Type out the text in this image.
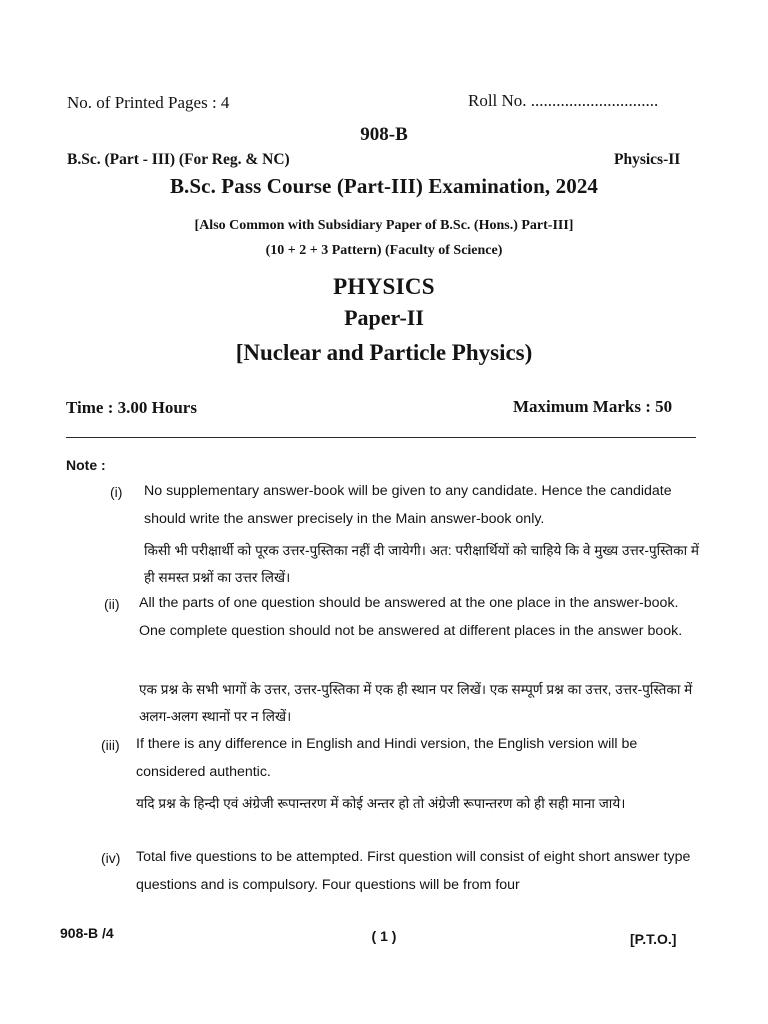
No. of Printed Pages : 4	Roll No. ..............................
908-B
B.Sc. (Part - III) (For Reg. & NC)	Physics-II
B.Sc. Pass Course (Part-III) Examination, 2024
[Also Common with Subsidiary Paper of B.Sc. (Hons.) Part-III]
(10 + 2 + 3 Pattern) (Faculty of Science)
PHYSICS
Paper-II
[Nuclear and Particle Physics)
Time : 3.00 Hours	Maximum Marks : 50
Note :
(i) No supplementary answer-book will be given to any candidate. Hence the candidate should write the answer precisely in the Main answer-book only.
किसी भी परीक्षार्थी को पूरक उत्तर-पुस्तिका नहीं दी जायेगी। अत: परीक्षार्थियों को चाहिये कि वे मुख्य उत्तर-पुस्तिका में ही समस्त प्रश्नों का उत्तर लिखें।
(ii) All the parts of one question should be answered at the one place in the answer-book. One complete question should not be answered at different places in the answer book.
एक प्रश्न के सभी भागों के उत्तर, उत्तर-पुस्तिका में एक ही स्थान पर लिखें। एक सम्पूर्ण प्रश्न का उत्तर, उत्तर-पुस्तिका में अलग-अलग स्थानों पर न लिखें।
(iii) If there is any difference in English and Hindi version, the English version will be considered authentic.
यदि प्रश्न के हिन्दी एवं अंग्रेजी रूपान्तरण में कोई अन्तर हो तो अंग्रेजी रूपान्तरण को ही सही माना जाये।
(iv) Total five questions to be attempted. First question will consist of eight short answer type questions and is compulsory. Four questions will be from four
908-B /4	( 1 )	[P.T.O.]
